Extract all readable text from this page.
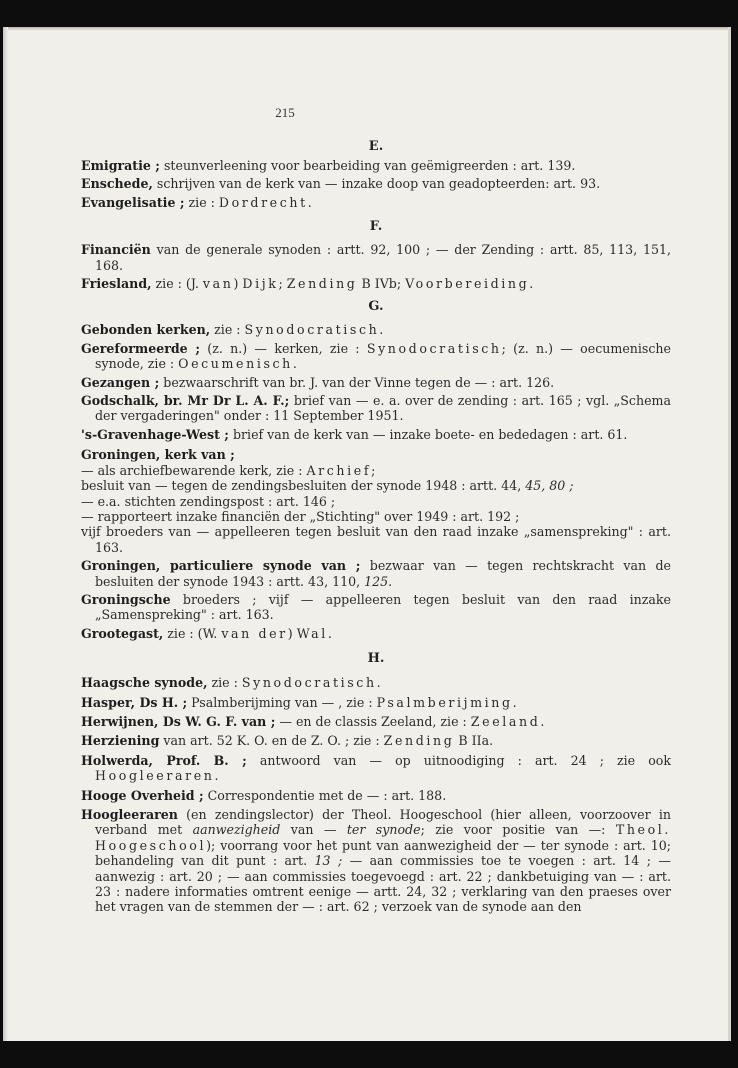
215

E.

Emigratie ; steunverleening voor bearbeiding van geëmigreerden : art. 139.

Enschede, schrijven van de kerk van — inzake doop van geadopteerden: art. 93.

Evangelisatie ; zie : Dordrecht.

F.

Financiën van de generale synoden : artt. 92, 100 ; — der Zending : artt. 85, 113, 151, 168.

Friesland, zie : (J. van) Dijk; Zending B IVb; Voorbereiding.

G.

Gebonden kerken, zie : Synodocratisch.

Gereformeerde ; (z. n.) — kerken, zie : Synodocratisch; (z. n.) — oecumenische synode, zie : Oecumenisch.

Gezangen ; bezwaarschrift van br. J. van der Vinne tegen de — : art. 126.

Godschalk, br. Mr Dr L. A. F.; brief van — e. a. over de zending : art. 165 ; vgl. „Schema der vergaderingen" onder : 11 September 1951.

's-Gravenhage-West ; brief van de kerk van — inzake boete- en bededagen : art. 61.

Groningen, kerk van ;
— als archiefbewarende kerk, zie : Archief;
besluit van — tegen de zendingsbesluiten der synode 1948 : artt. 44, 45, 80 ;
— e.a. stichten zendingspost : art. 146 ;
— rapporteert inzake financiën der „Stichting" over 1949 : art. 192 ;
vijf broeders van — appelleeren tegen besluit van den raad inzake „samenspreking" : art. 163.

Groningen, particuliere synode van ; bezwaar van — tegen rechtskracht van de besluiten der synode 1943 : artt. 43, 110, 125.

Groningsche broeders ; vijf — appelleeren tegen besluit van den raad inzake „Samenspreking" : art. 163.

Grootegast, zie : (W. van der) Wal.

H.

Haagsche synode, zie : Synodocratisch.

Hasper, Ds H. ; Psalmberijming van — , zie : Psalmberijming.

Herwijnen, Ds W. G. F. van ; — en de classis Zeeland, zie : Zeeland.

Herziening van art. 52 K. O. en de Z. O. ; zie : Zending B IIa.

Holwerda, Prof. B. ; antwoord van — op uitnoodiging : art. 24 ; zie ook Hoogleeraren.

Hooge Overheid ; Correspondentie met de — : art. 188.

Hoogleeraren (en zendingslector) der Theol. Hoogeschool (hier alleen, voorzoover in verband met aanwezigheid van — ter synode; zie voor positie van —: Theol. Hoogeschool); voorrang voor het punt van aanwezigheid der — ter synode : art. 10; behandeling van dit punt : art. 13 ; — aan commissies toe te voegen : art. 14 ; — aanwezig : art. 20 ; — aan commissies toegevoegd : art. 22 ; dankbetuiging van — : art. 23 : nadere informaties omtrent eenige — artt. 24, 32 ; verklaring van den praeses over het vragen van de stemmen der — : art. 62 ; verzoek van de synode aan den
